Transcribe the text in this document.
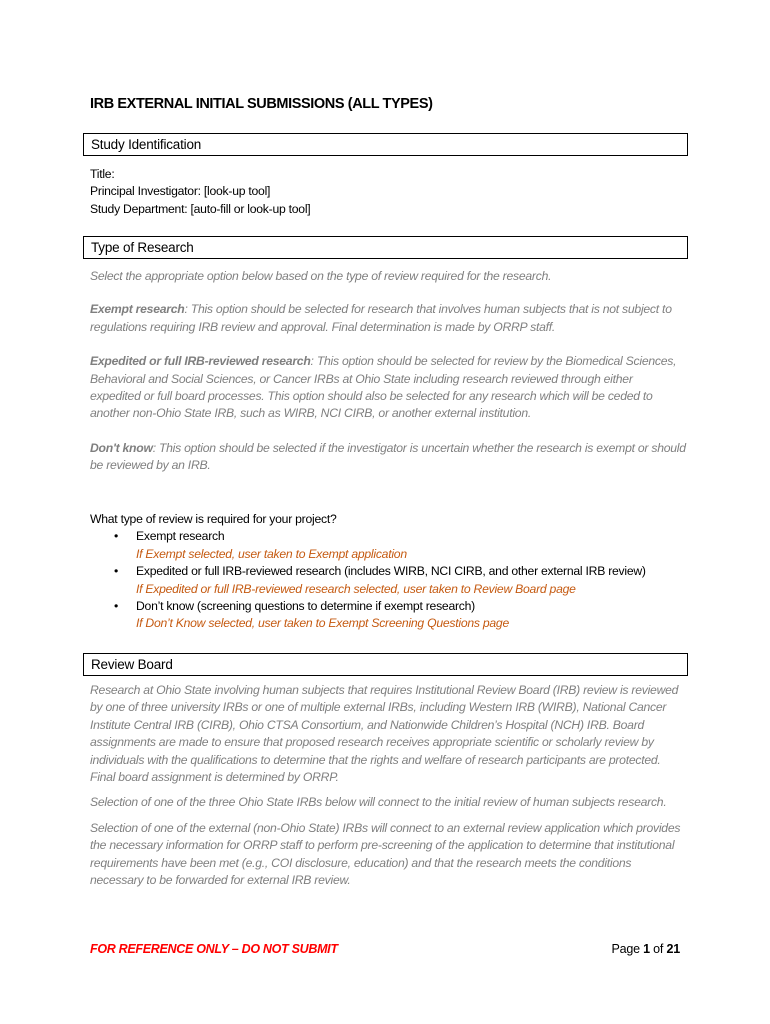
IRB EXTERNAL INITIAL SUBMISSIONS (ALL TYPES)
Study Identification

Title:

Principal Investigator: [look-up tool]

Study Department: [auto-fill or look-up tool]

Type of Research

Select the appropriate option below based on the type of review required for the research.

Exempt research: This option should be selected for research that involves human subjects that is not subject to regulations requiring IRB review and approval. Final determination is made by ORRP staff.

Expedited or full IRB-reviewed research: This option should be selected for review by the Biomedical Sciences, Behavioral and Social Sciences, or Cancer IRBs at Ohio State including research reviewed through either expedited or full board processes. This option should also be selected for any research which will be ceded to another non-Ohio State IRB, such as WIRB, NCI CIRB, or another external institution.

Don't know: This option should be selected if the investigator is uncertain whether the research is exempt or should be reviewed by an IRB.

What type of review is required for your project?

• Exempt research
If Exempt selected, user taken to Exempt application
• Expedited or full IRB-reviewed research (includes WIRB, NCI CIRB, and other external IRB review)
If Expedited or full IRB-reviewed research selected, user taken to Review Board page
• Don’t know (screening questions to determine if exempt research)
If Don’t Know selected, user taken to Exempt Screening Questions page
Review Board

Research at Ohio State involving human subjects that requires Institutional Review Board (IRB) review is reviewed by one of three university IRBs or one of multiple external IRBs, including Western IRB (WIRB), National Cancer Institute Central IRB (CIRB), Ohio CTSA Consortium, and Nationwide Children’s Hospital (NCH) IRB. Board assignments are made to ensure that proposed research receives appropriate scientific or scholarly review by individuals with the qualifications to determine that the rights and welfare of research participants are protected. Final board assignment is determined by ORRP.

Selection of one of the three Ohio State IRBs below will connect to the initial review of human subjects research.

Selection of one of the external (non-Ohio State) IRBs will connect to an external review application which provides the necessary information for ORRP staff to perform pre-screening of the application to determine that institutional requirements have been met (e.g., COI disclosure, education) and that the research meets the conditions necessary to be forwarded for external IRB review.

FOR REFERENCE ONLY – DO NOT SUBMIT	Page 1 of 21
